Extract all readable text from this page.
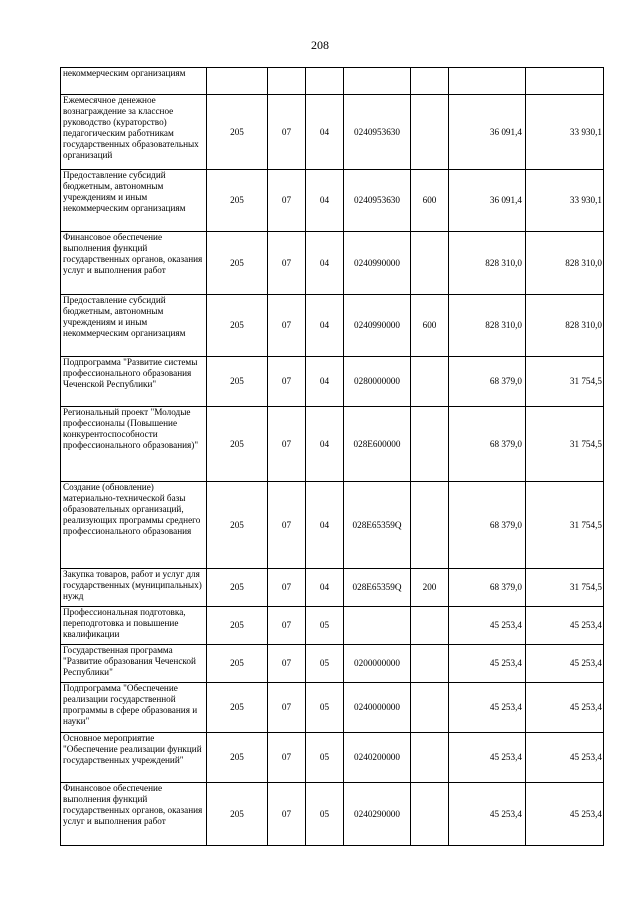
208
некоммерческим организациям							
Ежемесячное денежное вознаграждение за классное руководство (кураторство) педагогическим работникам государственных образовательных организаций	205	07	04	0240953630		36 091,4	33 930,1
Предоставление субсидий бюджетным, автономным учреждениям и иным некоммерческим организациям	205	07	04	0240953630	600	36 091,4	33 930,1
Финансовое обеспечение выполнения функций государственных органов, оказания услуг и выполнения работ	205	07	04	0240990000		828 310,0	828 310,0
Предоставление субсидий бюджетным, автономным учреждениям и иным некоммерческим организациям	205	07	04	0240990000	600	828 310,0	828 310,0
Подпрограмма "Развитие системы профессионального образования Чеченской Республики"	205	07	04	0280000000		68 379,0	31 754,5
Региональный проект "Молодые профессионалы (Повышение конкурентоспособности профессионального образования)"	205	07	04	028E600000		68 379,0	31 754,5
Создание (обновление) материально-технической базы образовательных организаций, реализующих программы среднего профессионального образования	205	07	04	028E65359Q		68 379,0	31 754,5
Закупка товаров, работ и услуг для государственных (муниципальных) нужд	205	07	04	028E65359Q	200	68 379,0	31 754,5
Профессиональная подготовка, переподготовка и повышение квалификации	205	07	05			45 253,4	45 253,4
Государственная программа "Развитие образования Чеченской Республики"	205	07	05	0200000000		45 253,4	45 253,4
Подпрограмма "Обеспечение реализации государственной программы в сфере образования и науки"	205	07	05	0240000000		45 253,4	45 253,4
Основное мероприятие "Обеспечение реализации функций государственных учреждений"	205	07	05	0240200000		45 253,4	45 253,4
Финансовое обеспечение выполнения функций государственных органов, оказания услуг и выполнения работ	205	07	05	0240290000		45 253,4	45 253,4
